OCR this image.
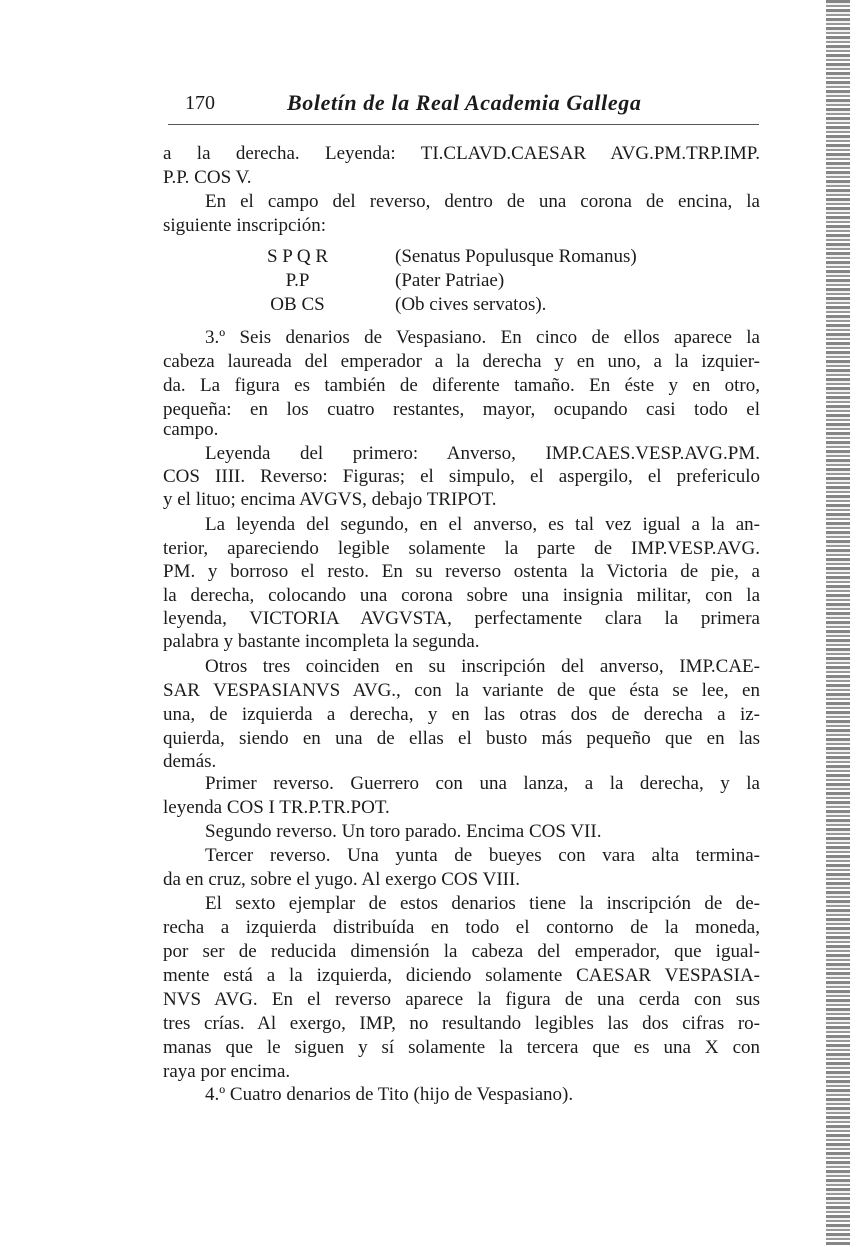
170	Boletín de la Real Academia Gallega
a la derecha. Leyenda: TI.CLAVD.CAESAR AVG.PM.TRP.IMP.
P.P. COS V.
En el campo del reverso, dentro de una corona de encina, la
siguiente inscripción:
S P Q R	(Senatus Populusque Romanus)
P.P	(Pater Patriae)
OB CS	(Ob cives servatos).
3.º Seis denarios de Vespasiano. En cinco de ellos aparece la
cabeza laureada del emperador a la derecha y en uno, a la izquier-
da. La figura es también de diferente tamaño. En éste y en otro,
pequeña: en los cuatro restantes, mayor, ocupando casi todo el
campo.
Leyenda del primero: Anverso, IMP.CAES.VESP.AVG.PM.
COS IIII. Reverso: Figuras; el simpulo, el aspergilo, el prefericulo
y el lituo; encima AVGVS, debajo TRIPOT.
La leyenda del segundo, en el anverso, es tal vez igual a la an-
terior, apareciendo legible solamente la parte de IMP.VESP.AVG.
PM. y borroso el resto. En su reverso ostenta la Victoria de pie, a
la derecha, colocando una corona sobre una insignia militar, con la
leyenda, VICTORIA AVGVSTA, perfectamente clara la primera
palabra y bastante incompleta la segunda.
Otros tres coinciden en su inscripción del anverso, IMP.CAE-
SAR VESPASIANVS AVG., con la variante de que ésta se lee, en
una, de izquierda a derecha, y en las otras dos de derecha a iz-
quierda, siendo en una de ellas el busto más pequeño que en las
demás.
Primer reverso. Guerrero con una lanza, a la derecha, y la
leyenda COS I TR.P.TR.POT.
Segundo reverso. Un toro parado. Encima COS VII.
Tercer reverso. Una yunta de bueyes con vara alta termina-
da en cruz, sobre el yugo. Al exergo COS VIII.
El sexto ejemplar de estos denarios tiene la inscripción de de-
recha a izquierda distribuída en todo el contorno de la moneda,
por ser de reducida dimensión la cabeza del emperador, que igual-
mente está a la izquierda, diciendo solamente CAESAR VESPASIA-
NVS AVG. En el reverso aparece la figura de una cerda con sus
tres crías. Al exergo, IMP, no resultando legibles las dos cifras ro-
manas que le siguen y sí solamente la tercera que es una X con
raya por encima.
4.º Cuatro denarios de Tito (hijo de Vespasiano).
